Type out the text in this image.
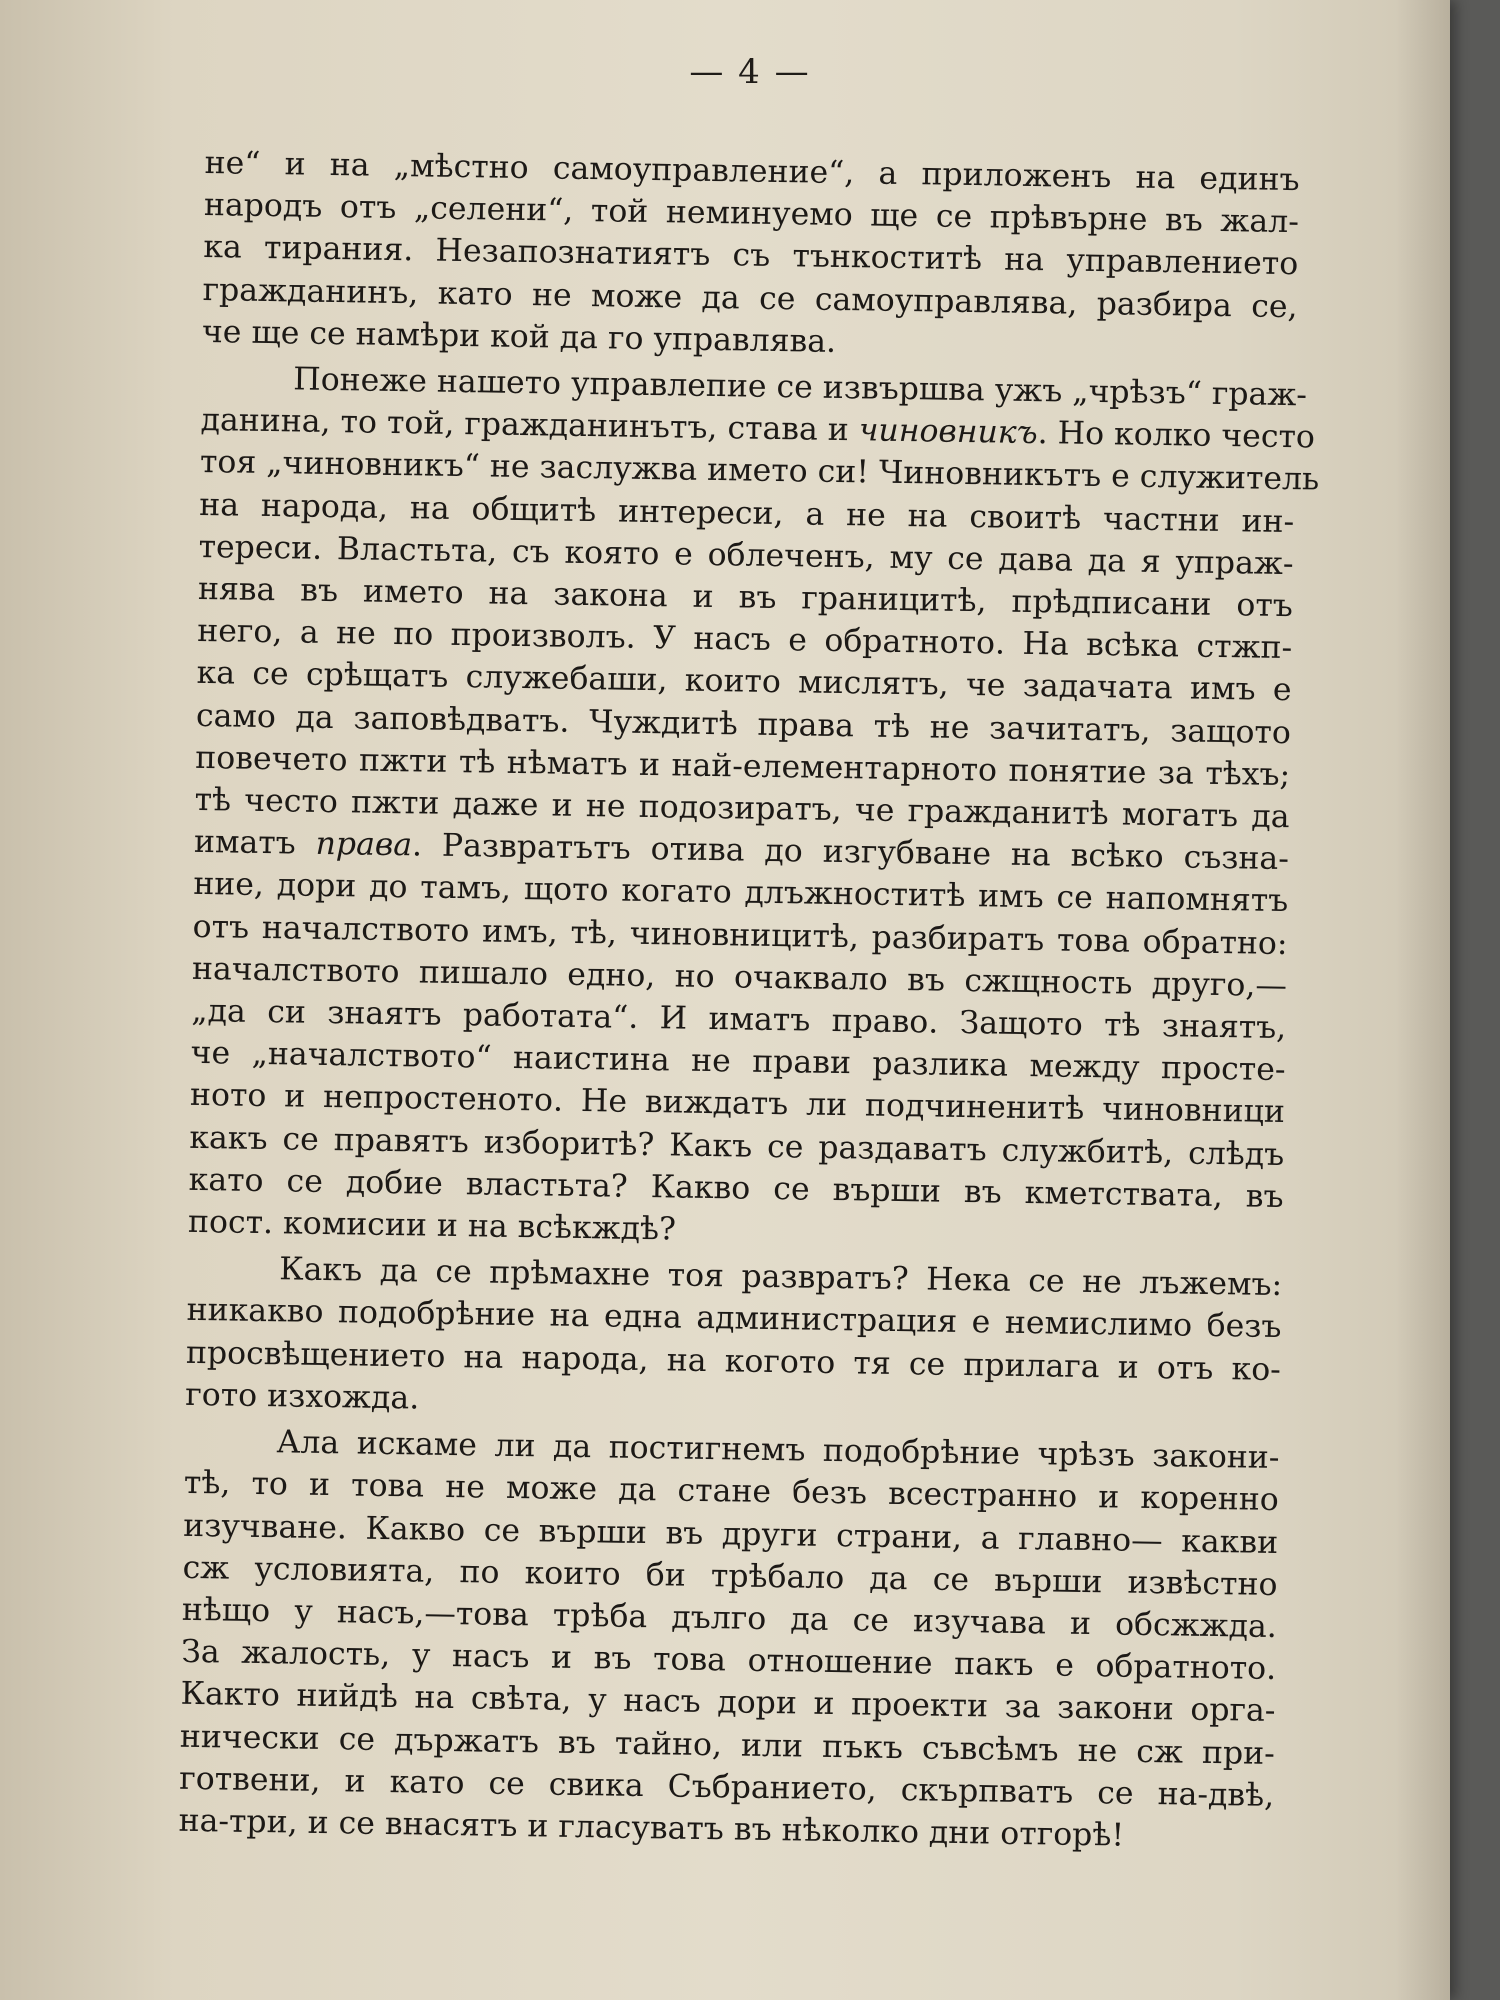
— 4 —
не“ и на „мѣстно самоуправление“, а приложенъ на единъ
народъ отъ „селени“, той неминуемо ще се прѣвърне въ жал-
ка тирания. Незапознатиятъ съ тънкоститѣ на управлението
гражданинъ, като не може да се самоуправлява, разбира се,
че ще се намѣри кой да го управлява.
Понеже нашето управлепие се извършва ужъ „чрѣзъ“ граж-
данина, то той, гражданинътъ, става и чиновникъ. Но колко често
тоя „чиновникъ“ не заслужва името си! Чиновникътъ е служитель
на народа, на общитѣ интереси, а не на своитѣ частни ин-
тереси. Властьта, съ която е облеченъ, му се дава да я упраж-
нява въ името на закона и въ границитѣ, прѣдписани отъ
него, а не по произволъ. У насъ е обратното. На всѣка стжп-
ка се срѣщатъ служебаши, които мислятъ, че задачата имъ е
само да заповѣдватъ. Чуждитѣ права тѣ не зачитатъ, защото
повечето пжти тѣ нѣматъ и най-елементарното понятие за тѣхъ;
тѣ често пжти даже и не подозиратъ, че гражданитѣ могатъ да
иматъ права. Развратътъ отива до изгубване на всѣко съзна-
ние, дори до тамъ, щото когато длъжноститѣ имъ се напомнятъ
отъ началството имъ, тѣ, чиновницитѣ, разбиратъ това обратно:
началството пишало едно, но очаквало въ сжщность друго,—
„да си знаятъ работата“. И иматъ право. Защото тѣ знаятъ,
че „началството“ наистина не прави разлика между простe-
ното и непростеното. Не виждатъ ли подчиненитѣ чиновници
какъ се правятъ изборитѣ? Какъ се раздаватъ службитѣ, слѣдъ
като се добие властьта? Какво се върши въ кметствата, въ
пост. комисии и на всѣкждѣ?
Какъ да се прѣмахне тоя развратъ? Нека се не лъжемъ:
никакво подобрѣние на една администрация е немислимо безъ
просвѣщението на народа, на когото тя се прилага и отъ ко-
гото изхожда.
Ала искаме ли да постигнемъ подобрѣние чрѣзъ закони-
тѣ, то и това не може да стане безъ всестранно и коренно
изучване. Какво се върши въ други страни, а главно— какви
сж условията, по които би трѣбало да се върши извѣстно
нѣщо у насъ,—това трѣба дълго да се изучава и обсжжда.
За жалость, у насъ и въ това отношение пакъ е обратното.
Както нийдѣ на свѣта, у насъ дори и проекти за закони орга-
нически се държатъ въ тайно, или пъкъ съвсѣмъ не сж при-
готвени, и като се свика Събранието, скърпватъ се на-двѣ,
на-три, и се внасятъ и гласуватъ въ нѣколко дни отгорѣ!
